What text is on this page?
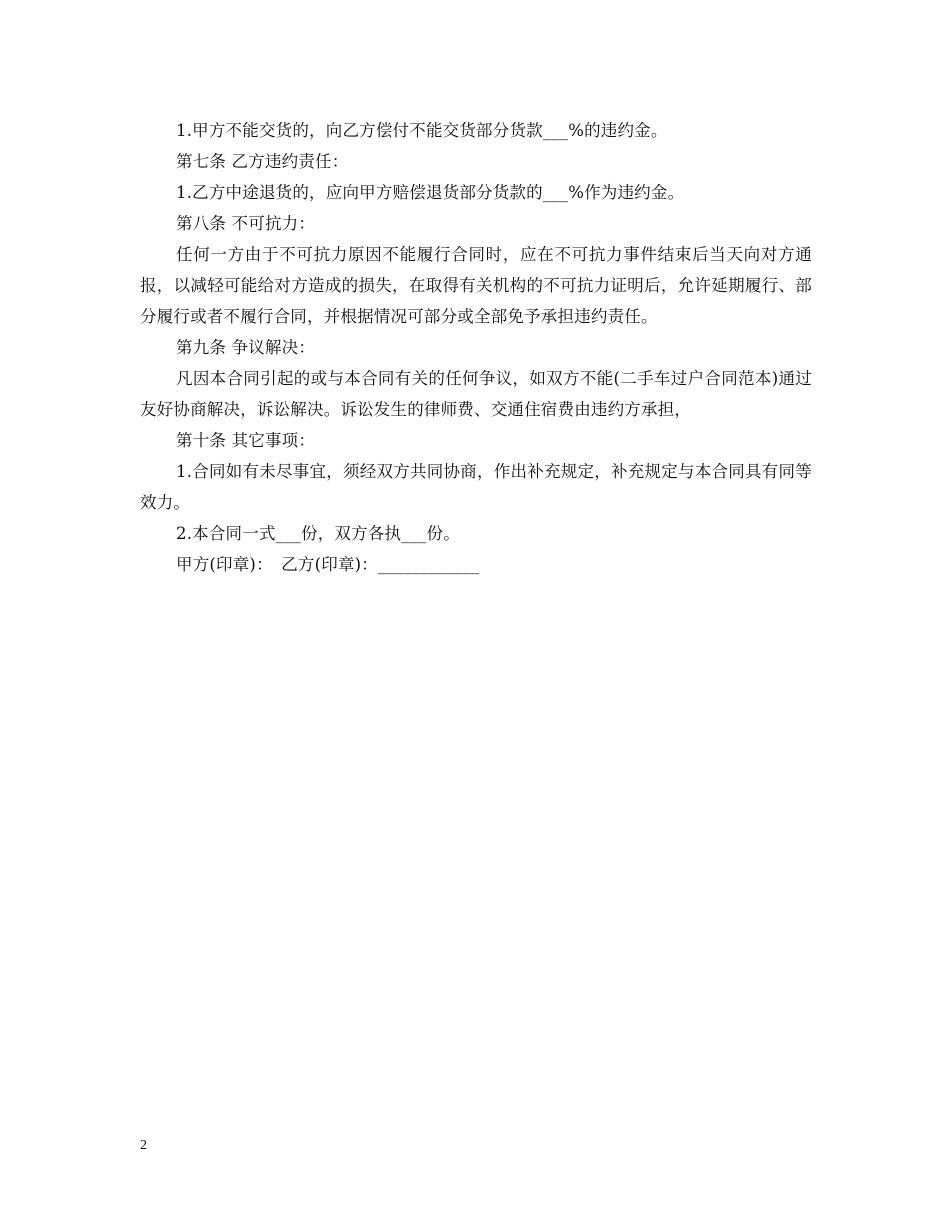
1.甲方不能交货的，向乙方偿付不能交货部分货款___%的违约金。

第七条 乙方违约责任：

1.乙方中途退货的，应向甲方赔偿退货部分货款的___%作为违约金。

第八条 不可抗力：

任何一方由于不可抗力原因不能履行合同时，应在不可抗力事件结束后当天向对方通报，以减轻可能给对方造成的损失，在取得有关机构的不可抗力证明后，允许延期履行、部分履行或者不履行合同，并根据情况可部分或全部免予承担违约责任。

第九条 争议解决：

凡因本合同引起的或与本合同有关的任何争议，如双方不能(二手车过户合同范本)通过友好协商解决，诉讼解决。诉讼发生的律师费、交通住宿费由违约方承担，

第十条 其它事项：

1.合同如有未尽事宜，须经双方共同协商，作出补充规定，补充规定与本合同具有同等效力。

2.本合同一式___份，双方各执___份。

甲方(印章)：　乙方(印章)：____________

2
